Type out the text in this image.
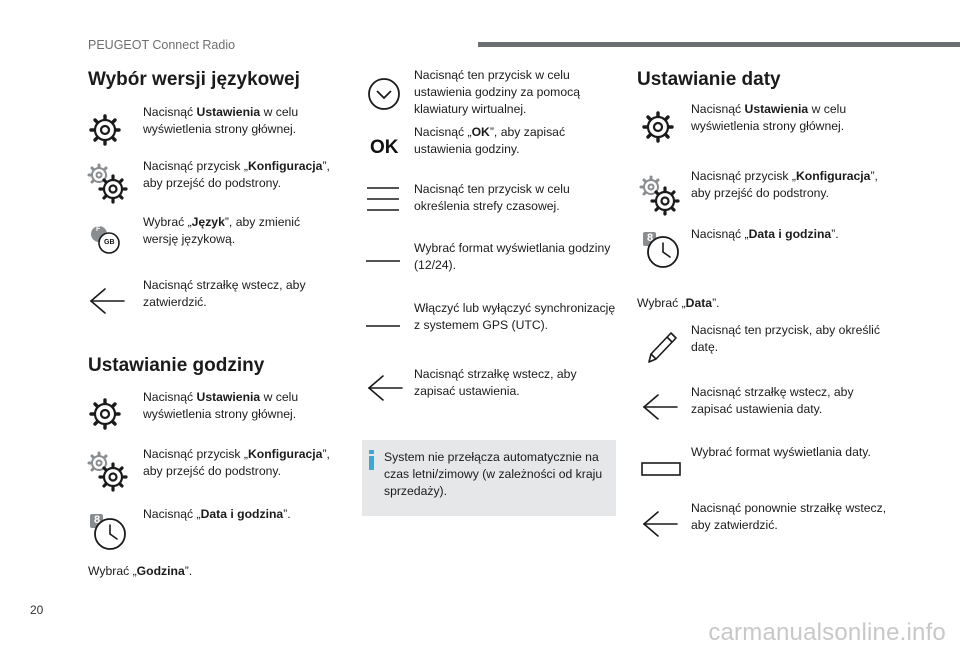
PEUGEOT Connect Radio
Wybór wersji językowej
Nacisnąć Ustawienia w celu wyświetlenia strony głównej.
Nacisnąć przycisk „Konfiguracja”, aby przejść do podstrony.
F
GB
Wybrać „Język”, aby zmienić wersję językową.
Nacisnąć strzałkę wstecz, aby zatwierdzić.
Ustawianie godziny
Nacisnąć Ustawienia w celu wyświetlenia strony głównej.
Nacisnąć przycisk „Konfiguracja”, aby przejść do podstrony.
8	Nacisnąć „Data i godzina”.
Wybrać „Godzina”.
Nacisnąć ten przycisk w celu ustawienia godziny za pomocą klawiatury wirtualnej.
OK
Nacisnąć „OK”, aby zapisać ustawienia godziny.
Nacisnąć ten przycisk w celu określenia strefy czasowej.
Wybrać format wyświetlania godziny (12/24).
Włączyć lub wyłączyć synchronizację z systemem GPS (UTC).
Nacisnąć strzałkę wstecz, aby zapisać ustawienia.
System nie przełącza automatycznie na czas letni/zimowy (w zależności od kraju sprzedaży).
Ustawianie daty
Nacisnąć Ustawienia w celu wyświetlenia strony głównej.
Nacisnąć przycisk „Konfiguracja”, aby przejść do podstrony.
8	Nacisnąć „Data i godzina”.
Wybrać „Data”.
Nacisnąć ten przycisk, aby określić datę.
Nacisnąć strzałkę wstecz, aby zapisać ustawienia daty.
Wybrać format wyświetlania daty.
Nacisnąć ponownie strzałkę wstecz, aby zatwierdzić.
20
carmanualsonline.info
